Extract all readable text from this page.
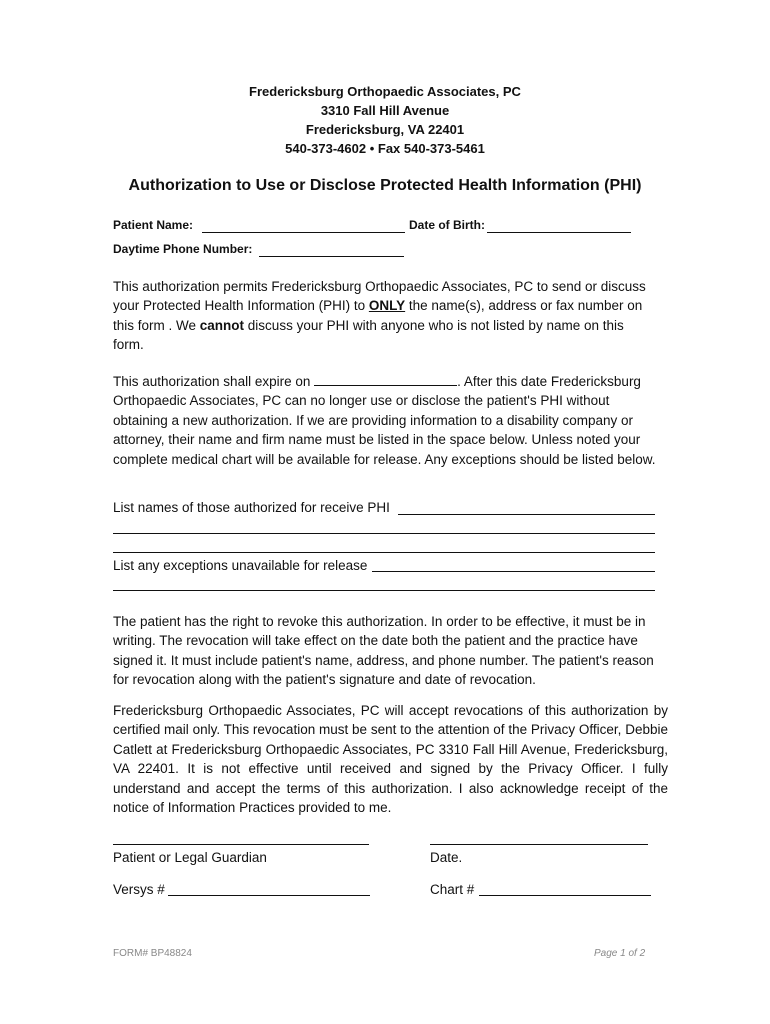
Fredericksburg Orthopaedic Associates, PC
3310 Fall Hill Avenue
Fredericksburg, VA 22401
540-373-4602 • Fax 540-373-5461
Authorization to Use or Disclose Protected Health Information (PHI)
Patient Name:	Date of Birth:
Daytime Phone Number:
This authorization permits Fredericksburg Orthopaedic Associates, PC to send or discuss your Protected Health Information (PHI) to ONLY the name(s), address or fax number on this form . We cannot discuss your PHI with anyone who is not listed by name on this form.
This authorization shall expire on	. After this date Fredericksburg Orthopaedic Associates, PC can no longer use or disclose the patient's PHI without obtaining a new authorization. If we are providing information to a disability company or attorney, their name and firm name must be listed in the space below. Unless noted your complete medical chart will be available for release. Any exceptions should be listed below.
List names of those authorized for receive PHI
List any exceptions unavailable for release
The patient has the right to revoke this authorization. In order to be effective, it must be in writing. The revocation will take effect on the date both the patient and the practice have signed it. It must include patient's name, address, and phone number. The patient's reason for revocation along with the patient's signature and date of revocation.
Fredericksburg Orthopaedic Associates, PC will accept revocations of this authorization by certified mail only. This revocation must be sent to the attention of the Privacy Officer, Debbie Catlett at Fredericksburg Orthopaedic Associates, PC 3310 Fall Hill Avenue, Fredericksburg, VA 22401. It is not effective until received and signed by the Privacy Officer. I fully understand and accept the terms of this authorization. I also acknowledge receipt of the notice of Information Practices provided to me.
Patient or Legal Guardian	Date.
Versys #	Chart #
FORM# BP48824	Page 1 of 2
